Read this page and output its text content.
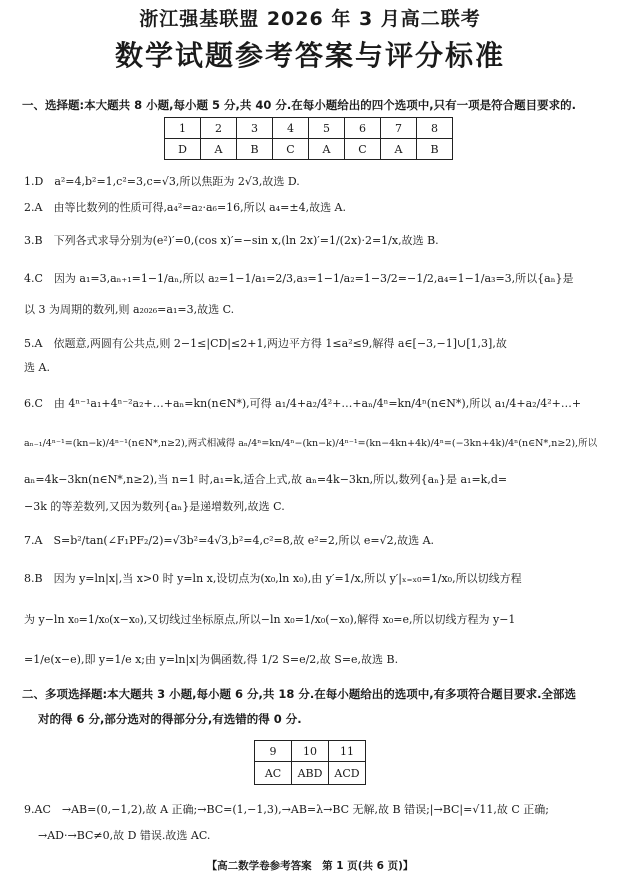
浙江强基联盟 2026 年 3 月高二联考
数学试题参考答案与评分标准
一、选择题:本大题共 8 小题,每小题 5 分,共 40 分.在每小题给出的四个选项中,只有一项是符合题目要求的.
1	2	3	4	5	6	7	8
D	A	B	C	A	C	A	B
1.D　a²=4,b²=1,c²=3,c=√3,所以焦距为 2√3,故选 D.
2.A　由等比数列的性质可得,a₄²=a₂·a₆=16,所以 a₄=±4,故选 A.
3.B　下列各式求导分别为(e²)′=0,(cos x)′=−sin x,(ln 2x)′=1/(2x)·2=1/x,故选 B.
4.C　因为 a₁=3,aₙ₊₁=1−1/aₙ,所以 a₂=1−1/a₁=2/3,a₃=1−1/a₂=1−3/2=−1/2,a₄=1−1/a₃=3,所以{aₙ}是
以 3 为周期的数列,则 a₂₀₂₆=a₁=3,故选 C.
5.A　依题意,两圆有公共点,则 2−1≤|CD|≤2+1,两边平方得 1≤a²≤9,解得 a∈[−3,−1]∪[1,3],故
选 A.
6.C　由 4ⁿ⁻¹a₁+4ⁿ⁻²a₂+…+aₙ=kn(n∈N*),可得 a₁/4+a₂/4²+…+aₙ/4ⁿ=kn/4ⁿ(n∈N*),所以 a₁/4+a₂/4²+…+
aₙ₋₁/4ⁿ⁻¹=(kn−k)/4ⁿ⁻¹(n∈N*,n≥2),两式相减得 aₙ/4ⁿ=kn/4ⁿ−(kn−k)/4ⁿ⁻¹=(kn−4kn+4k)/4ⁿ=(−3kn+4k)/4ⁿ(n∈N*,n≥2),所以
aₙ=4k−3kn(n∈N*,n≥2),当 n=1 时,a₁=k,适合上式,故 aₙ=4k−3kn,所以,数列{aₙ}是 a₁=k,d=
−3k 的等差数列,又因为数列{aₙ}是递增数列,故选 C.
7.A　S=b²/tan(∠F₁PF₂/2)=√3b²=4√3,b²=4,c²=8,故 e²=2,所以 e=√2,故选 A.
8.B　因为 y=ln|x|,当 x>0 时 y=ln x,设切点为(x₀,ln x₀),由 y′=1/x,所以 y′|ₓ₌ₓ₀=1/x₀,所以切线方程
为 y−ln x₀=1/x₀(x−x₀),又切线过坐标原点,所以−ln x₀=1/x₀(−x₀),解得 x₀=e,所以切线方程为 y−1
=1/e(x−e),即 y=1/e x;由 y=ln|x|为偶函数,得 1/2 S=e/2,故 S=e,故选 B.
二、多项选择题:本大题共 3 小题,每小题 6 分,共 18 分.在每小题给出的选项中,有多项符合题目要求.全部选
对的得 6 分,部分选对的得部分分,有选错的得 0 分.
9	10	11
AC	ABD	ACD
9.AC　→AB=(0,−1,2),故 A 正确;→BC=(1,−1,3),→AB=λ→BC 无解,故 B 错误;|→BC|=√11,故 C 正确;
→AD·→BC≠0,故 D 错误.故选 AC.
【高二数学卷参考答案　第 1 页(共 6 页)】
